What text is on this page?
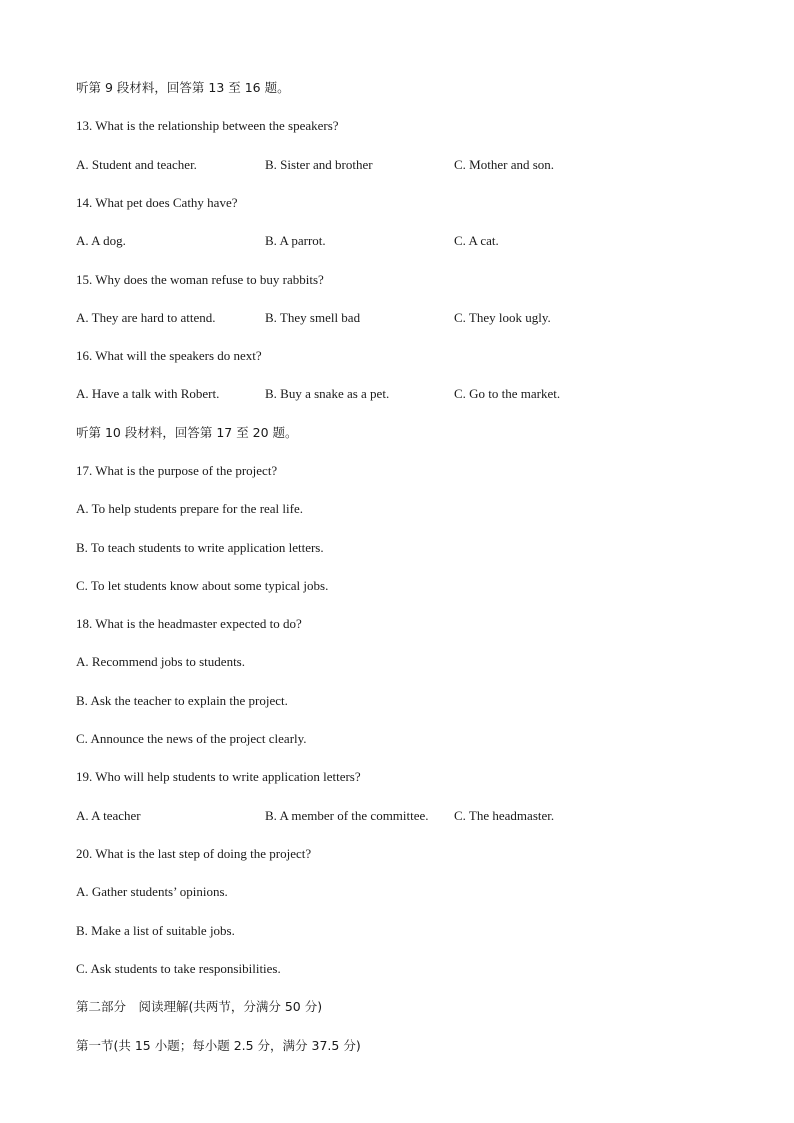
听第 9 段材料，回答第 13 至 16 题。
13. What is the relationship between the speakers?
A. Student and teacher.	B. Sister and brother	C. Mother and son.
14. What pet does Cathy have?
A. A dog.	B. A parrot.	C. A cat.
15. Why does the woman refuse to buy rabbits?
A. They are hard to attend.	B. They smell bad	C. They look ugly.
16. What will the speakers do next?
A. Have a talk with Robert.	B. Buy a snake as a pet.	C. Go to the market.
听第 10 段材料，回答第 17 至 20 题。
17. What is the purpose of the project?
A. To help students prepare for the real life.
B. To teach students to write application letters.
C. To let students know about some typical jobs.
18. What is the headmaster expected to do?
A. Recommend jobs to students.
B. Ask the teacher to explain the project.
C. Announce the news of the project clearly.
19. Who will help students to write application letters?
A. A teacher	B. A member of the committee. C. The headmaster.
20. What is the last step of doing the project?
A. Gather students’ opinions.
B. Make a list of suitable jobs.
C. Ask students to take responsibilities.
第二部分　阅读理解(共两节，分满分 50 分)
第一节(共 15 小题；每小题 2.5 分，满分 37.5 分)
